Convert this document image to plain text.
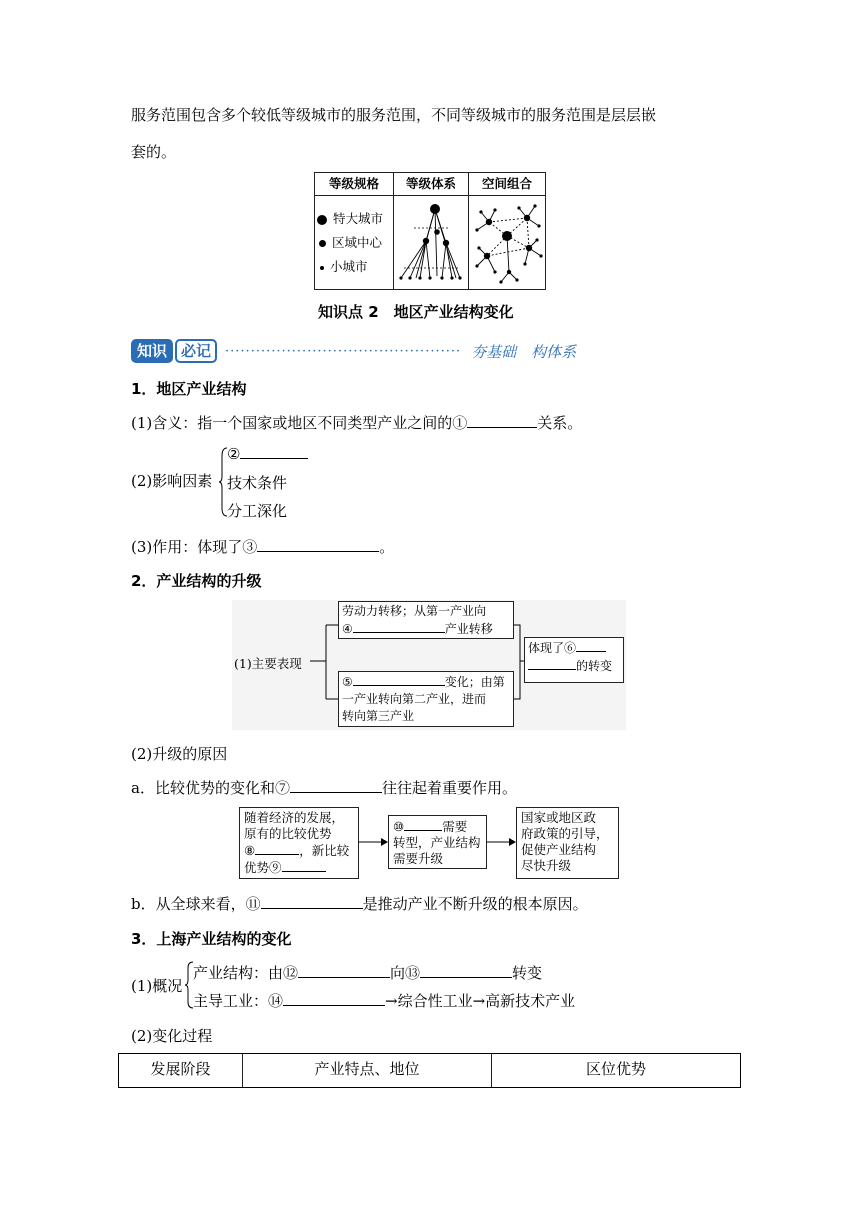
服务范围包含多个较低等级城市的服务范围，不同等级城市的服务范围是层层嵌
套的。
等级规格	等级体系	空间组合
特大城市
区域中心
小城市
知识点 2　地区产业结构变化
知识 必记	·············································· 夯基础　构体系
1．地区产业结构
(1)含义：指一个国家或地区不同类型产业之间的①	关系。
(2)影响因素
②
技术条件
分工深化
(3)作用：体现了③	。
2．产业结构的升级
(1)主要表现
劳动力转移；从第一产业向
④	产业转移
⑤	变化；由第
一产业转向第二产业，进而
转向第三产业
体现了⑥
的转变
(2)升级的原因
a．比较优势的变化和⑦	往往起着重要作用。
随着经济的发展，
原有的比较优势
⑧	，新比较
优势⑨
⑩	需要
转型，产业结构
需要升级
国家或地区政
府政策的引导，
促使产业结构
尽快升级
b．从全球来看，⑪	是推动产业不断升级的根本原因。
3．上海产业结构的变化
(1)概况
产业结构：由⑫	向⑬	转变
主导工业：⑭	→综合性工业→高新技术产业
(2)变化过程
发展阶段	产业特点、地位	区位优势
